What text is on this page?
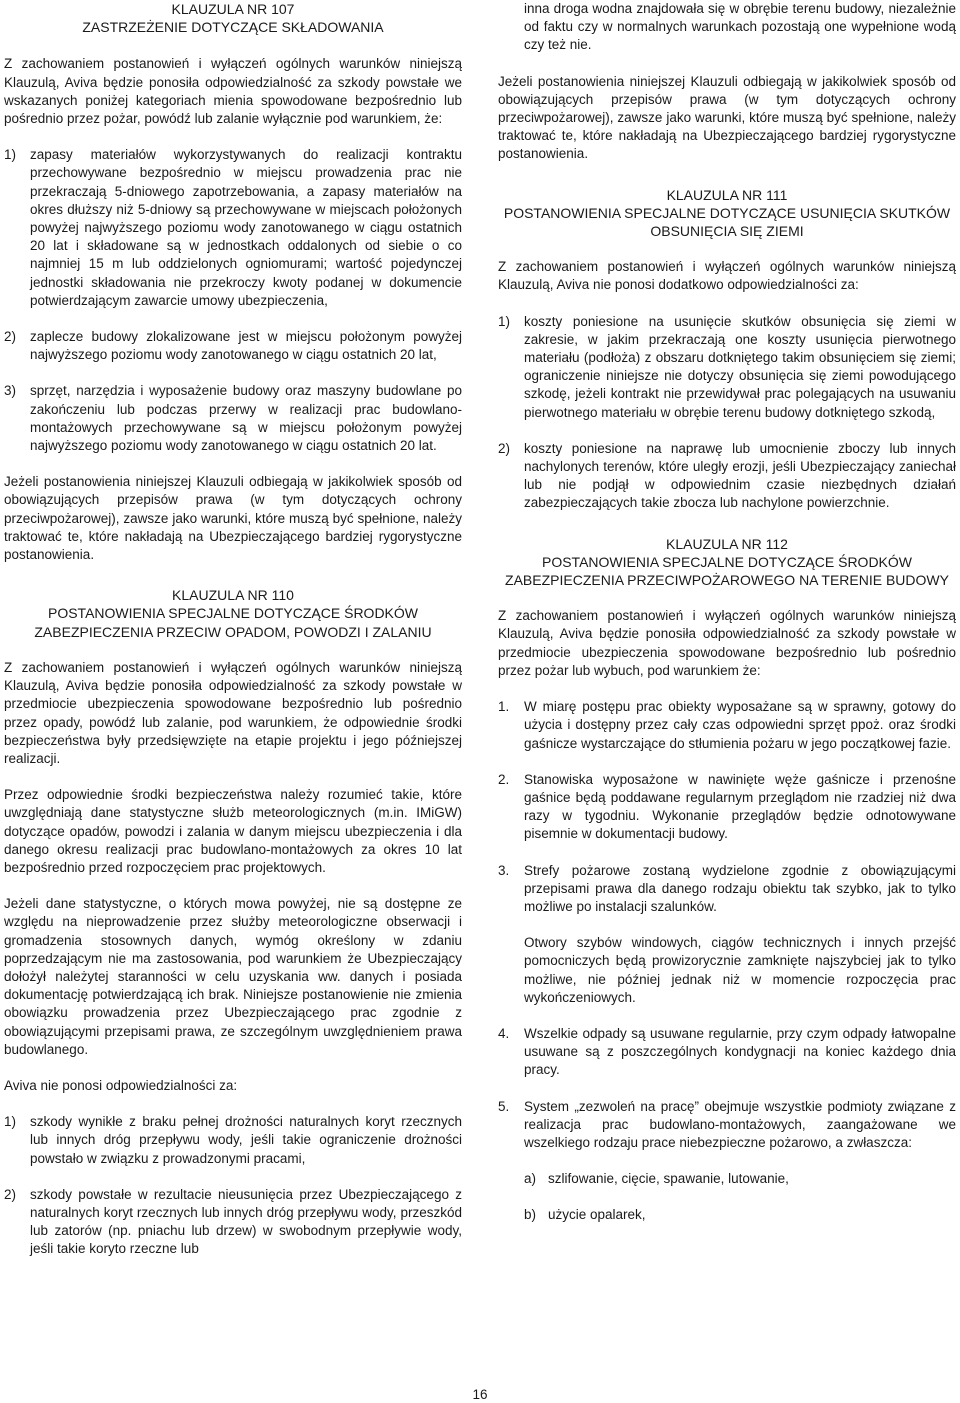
KLAUZULA NR 107

ZASTRZEŻENIE DOTYCZĄCE SKŁADOWANIA

Z zachowaniem postanowień i wyłączeń ogólnych warunków niniejszą Klauzulą, Aviva będzie ponosiła odpowiedzialność za szkody powstałe we wskazanych poniżej kategoriach mienia spowodowane bezpośrednio lub pośrednio przez pożar, powódź lub zalanie wyłącznie pod warunkiem, że:

1)	zapasy materiałów wykorzystywanych do realizacji kontraktu przechowywane bezpośrednio w miejscu prowadzenia prac nie przekraczają 5-dniowego zapotrzebowania, a zapasy materiałów na okres dłuższy niż 5-dniowy są przechowywane w miejscach położonych powyżej najwyższego poziomu wody zanotowanego w ciągu ostatnich 20 lat i składowane są w jednostkach oddalonych od siebie o co najmniej 15 m lub oddzielonych ogniomurami; wartość pojedynczej jednostki składowania nie przekroczy kwoty podanej w dokumencie potwierdzającym zawarcie umowy ubezpieczenia,
2)	zaplecze budowy zlokalizowane jest w miejscu położonym powyżej najwyższego poziomu wody zanotowanego w ciągu ostatnich 20 lat,
3)	sprzęt, narzędzia i wyposażenie budowy oraz maszyny budowlane po zakończeniu lub podczas przerwy w realizacji prac budowlano-montażowych przechowywane są w miejscu położonym powyżej najwyższego poziomu wody zanotowanego w ciągu ostatnich 20 lat.

Jeżeli postanowienia niniejszej Klauzuli odbiegają w jakikolwiek sposób od obowiązujących przepisów prawa (w tym dotyczących ochrony przeciwpożarowej), zawsze jako warunki, które muszą być spełnione, należy traktować te, które nakładają na Ubezpieczającego bardziej rygorystyczne postanowienia.

KLAUZULA NR 110

POSTANOWIENIA SPECJALNE DOTYCZĄCE ŚRODKÓW ZABEZPIECZENIA PRZECIW OPADOM, POWODZI I ZALANIU

Z zachowaniem postanowień i wyłączeń ogólnych warunków niniejszą Klauzulą, Aviva będzie ponosiła odpowiedzialność za szkody powstałe w przedmiocie ubezpieczenia spowodowane bezpośrednio lub pośrednio przez opady, powódź lub zalanie, pod warunkiem, że odpowiednie środki bezpieczeństwa były przedsięwzięte na etapie projektu i jego późniejszej realizacji.

Przez odpowiednie środki bezpieczeństwa należy rozumieć takie, które uwzględniają dane statystyczne służb meteorologicznych (m.in. IMiGW) dotyczące opadów, powodzi i zalania w danym miejscu ubezpieczenia i dla danego okresu realizacji prac budowlano-montażowych za okres 10 lat bezpośrednio przed rozpoczęciem prac projektowych.

Jeżeli dane statystyczne, o których mowa powyżej, nie są dostępne ze względu na nieprowadzenie przez służby meteorologiczne obserwacji i gromadzenia stosownych danych, wymóg określony w zdaniu poprzedzającym nie ma zastosowania, pod warunkiem że Ubezpieczający dołożył należytej staranności w celu uzyskania ww. danych i posiada dokumentację potwierdzającą ich brak. Niniejsze postanowienie nie zmienia obowiązku prowadzenia przez Ubezpieczającego prac zgodnie z obowiązującymi przepisami prawa, ze szczególnym uwzględnieniem prawa budowlanego.

Aviva nie ponosi odpowiedzialności za:

1)	szkody wynikłe z braku pełnej drożności naturalnych koryt rzecznych lub innych dróg przepływu wody, jeśli takie ograniczenie drożności powstało w związku z prowadzonymi pracami,
2)	szkody powstałe w rezultacie nieusunięcia przez Ubezpieczającego z naturalnych koryt rzecznych lub innych dróg przepływu wody, przeszkód lub zatorów (np. pniachu lub drzew) w swobodnym przepływie wody, jeśli takie koryto rzeczne lub

inna droga wodna znajdowała się w obrębie terenu budowy, niezależnie od faktu czy w normalnych warunkach pozostają one wypełnione wodą czy też nie.

Jeżeli postanowienia niniejszej Klauzuli odbiegają w jakikolwiek sposób od obowiązujących przepisów prawa (w tym dotyczących ochrony przeciwpożarowej), zawsze jako warunki, które muszą być spełnione, należy traktować te, które nakładają na Ubezpieczającego bardziej rygorystyczne postanowienia.

KLAUZULA NR 111

POSTANOWIENIA SPECJALNE DOTYCZĄCE USUNIĘCIA SKUTKÓW OBSUNIĘCIA SIĘ ZIEMI

Z zachowaniem postanowień i wyłączeń ogólnych warunków niniejszą Klauzulą, Aviva nie ponosi dodatkowo odpowiedzialności za:

1)	koszty poniesione na usunięcie skutków obsunięcia się ziemi w zakresie, w jakim przekraczają one koszty usunięcia pierwotnego materiału (podłoża) z obszaru dotkniętego takim obsunięciem się ziemi; ograniczenie niniejsze nie dotyczy obsunięcia się ziemi powodującego szkodę, jeżeli kontrakt nie przewidywał prac polegających na usuwaniu pierwotnego materiału w obrębie terenu budowy dotkniętego szkodą,
2)	koszty poniesione na naprawę lub umocnienie zboczy lub innych nachylonych terenów, które uległy erozji, jeśli Ubezpieczający zaniechał lub nie podjął w odpowiednim czasie niezbędnych działań zabezpieczających takie zbocza lub nachylone powierzchnie.

KLAUZULA NR 112

POSTANOWIENIA SPECJALNE DOTYCZĄCE ŚRODKÓW ZABEZPIECZENIA PRZECIWPOŻAROWEGO NA TERENIE BUDOWY

Z zachowaniem postanowień i wyłączeń ogólnych warunków niniejszą Klauzulą, Aviva będzie ponosiła odpowiedzialność za szkody powstałe w przedmiocie ubezpieczenia spowodowane bezpośrednio lub pośrednio przez pożar lub wybuch, pod warunkiem że:

1.	W miarę postępu prac obiekty wyposażane są w sprawny, gotowy do użycia i dostępny przez cały czas odpowiedni sprzęt ppoż. oraz środki gaśnicze wystarczające do stłumienia pożaru w jego początkowej fazie.
2.	Stanowiska wyposażone w nawinięte węże gaśnicze i przenośne gaśnice będą poddawane regularnym przeglądom nie rzadziej niż dwa razy w tygodniu. Wykonanie przeglądów będzie odnotowywane pisemnie w dokumentacji budowy.
3.	Strefy pożarowe zostaną wydzielone zgodnie z obowiązującymi przepisami prawa dla danego rodzaju obiektu tak szybko, jak to tylko możliwe po instalacji szalunków.

Otwory szybów windowych, ciągów technicznych i innych przejść pomocniczych będą prowizorycznie zamknięte najszybciej jak to tylko możliwe, nie później jednak niż w momencie rozpoczęcia prac wykończeniowych.

4.	Wszelkie odpady są usuwane regularnie, przy czym odpady łatwopalne usuwane są z poszczególnych kondygnacji na koniec każdego dnia pracy.
5.	System „zezwoleń na pracę” obejmuje wszystkie podmioty związane z realizacja prac budowlano-montażowych, zaangażowane we wszelkiego rodzaju prace niebezpieczne pożarowo, a zwłaszcza:
a) szlifowanie, cięcie, spawanie, lutowanie,
b) użycie opalarek,
16
